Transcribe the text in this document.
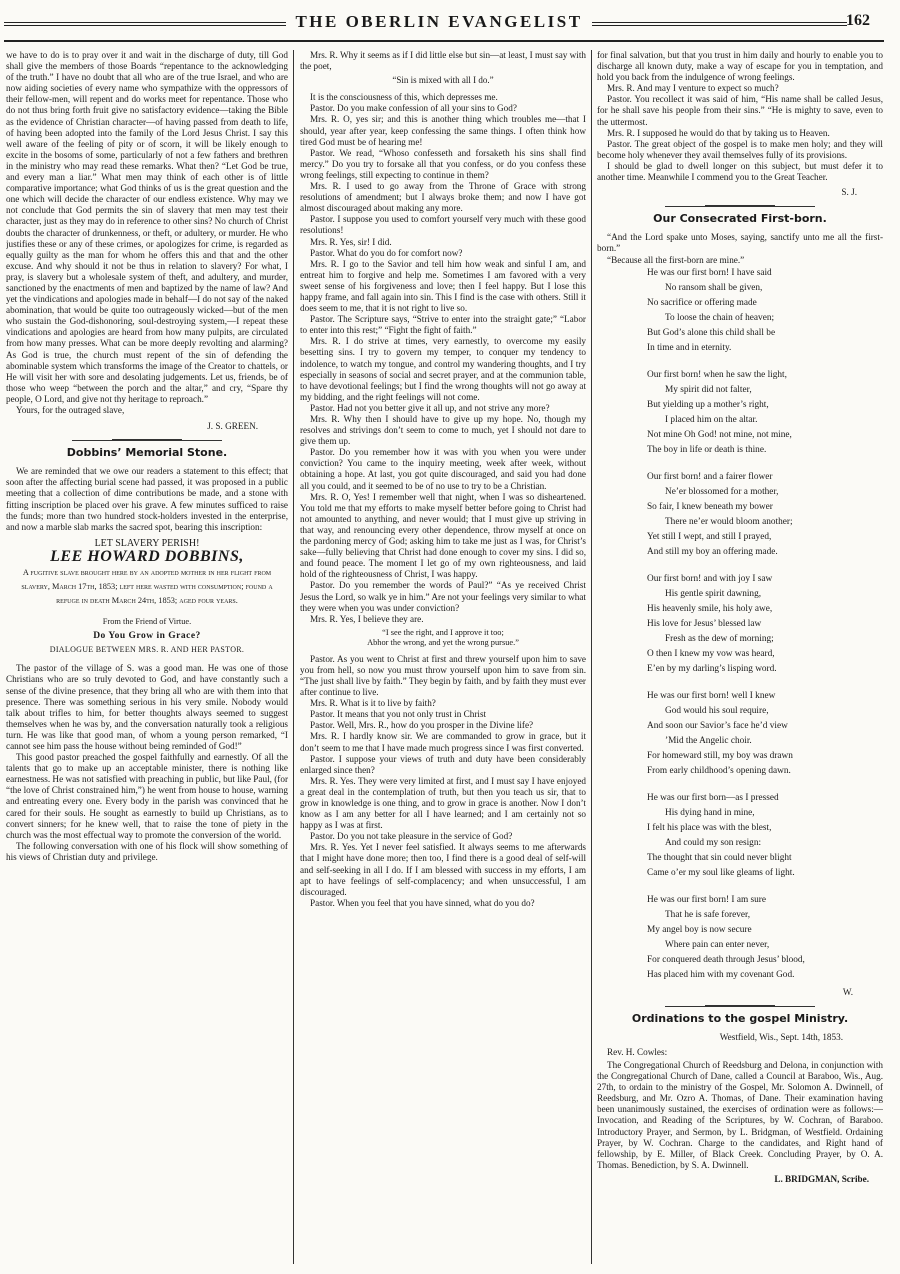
THE OBERLIN EVANGELIST	162

we have to do is to pray over it and wait in the discharge of duty, till God shall give the members of those Boards “repentance to the acknowledging of the truth.” I have no doubt that all who are of the true Israel, and who are now aiding societies of every name who sympathize with the oppressors of their fellow-men, will repent and do works meet for repentance. Those who do not thus bring forth fruit give no satisfactory evidence—taking the Bible as the evidence of Christian character—of having passed from death to life, of having been adopted into the family of the Lord Jesus Christ. I say this well aware of the feeling of pity or of scorn, it will be likely enough to excite in the bosoms of some, particularly of not a few fathers and brethren in the ministry who may read these remarks. What then? “Let God be true, and every man a liar.” What men may think of each other is of little comparative importance; what God thinks of us is the great question and the one which will decide the character of our endless existence. Why may we not conclude that God permits the sin of slavery that men may test their character, just as they may do in reference to other sins? No church of Christ doubts the character of drunkenness, or theft, or adultery, or murder. He who justifies these or any of these crimes, or apologizes for crime, is regarded as equally guilty as the man for whom he offers this and that and the other excuse. And why should it not be thus in relation to slavery? For what, I pray, is slavery but a wholesale system of theft, and adultery, and murder, sanctioned by the enactments of men and baptized by the name of law? And yet the vindications and apologies made in behalf—I do not say of the naked abomination, that would be quite too outrageously wicked—but of the men who sustain the God-dishonoring, soul-destroying system,—I repeat these vindications and apologies are heard from how many pulpits, are circulated from how many presses. What can be more deeply revolting and alarming? As God is true, the church must repent of the sin of defending the abominable system which transforms the image of the Creator to chattels, or He will visit her with sore and desolating judgements. Let us, friends, be of those who weep “between the porch and the altar,” and cry, “Spare thy people, O Lord, and give not thy heritage to reproach.”

Yours, for the outraged slave,

J. S. GREEN.
Dobbins’ Memorial Stone.

We are reminded that we owe our readers a statement to this effect; that soon after the affecting burial scene had passed, it was proposed in a public meeting that a collection of dime contributions be made, and a stone with fitting inscription be placed over his grave. A few minutes sufficed to raise the funds; more than two hundred stock-holders invested in the enterprise, and now a marble slab marks the sacred spot, bearing this inscription:

LET SLAVERY PERISH!
LEE HOWARD DOBBINS,
A fugitive slave brought here by an adopted mother in her flight from slavery, March 17th, 1853; left here wasted with consumption; found a refuge in death March 24th, 1853; aged four years.
From the Friend of Virtue.
Do You Grow in Grace?
DIALOGUE BETWEEN MRS. R. AND HER PASTOR.

The pastor of the village of S. was a good man. He was one of those Christians who are so truly devoted to God, and have constantly such a sense of the divine presence, that they bring all who are with them into that presence. There was something serious in his very smile. Nobody would talk about trifles to him, for better thoughts always seemed to suggest themselves when he was by, and the conversation naturally took a religious turn. He was like that good man, of whom a young person remarked, “I cannot see him pass the house without being reminded of God!”

This good pastor preached the gospel faithfully and earnestly. Of all the talents that go to make up an acceptable minister, there is nothing like earnestness. He was not satisfied with preaching in public, but like Paul, (for “the love of Christ constrained him,”) he went from house to house, warning and entreating every one. Every body in the parish was convinced that he cared for their souls. He sought as earnestly to build up Christians, as to convert sinners; for he knew well, that to raise the tone of piety in the church was the most effectual way to promote the conversion of the world.

The following conversation with one of his flock will show something of his views of Christian duty and privilege.

Mrs. R. Why it seems as if I did little else but sin—at least, I must say with the poet,

“Sin is mixed with all I do.”

It is the consciousness of this, which depresses me.

Pastor. Do you make confession of all your sins to God?

Mrs. R. O, yes sir; and this is another thing which troubles me—that I should, year after year, keep confessing the same things. I often think how tired God must be of hearing me!

Pastor. We read, “Whoso confesseth and forsaketh his sins shall find mercy.” Do you try to forsake all that you confess, or do you confess these wrong feelings, still expecting to continue in them?

Mrs. R. I used to go away from the Throne of Grace with strong resolutions of amendment; but I always broke them; and now I have got almost discouraged about making any more.

Pastor. I suppose you used to comfort yourself very much with these good resolutions!

Mrs. R. Yes, sir! I did.

Pastor. What do you do for comfort now?

Mrs. R. I go to the Savior and tell him how weak and sinful I am, and entreat him to forgive and help me. Sometimes I am favored with a very sweet sense of his forgiveness and love; then I feel happy. But I lose this happy frame, and fall again into sin. This I find is the case with others. Still it does seem to me, that it is not right to live so.

Pastor. The Scripture says, “Strive to enter into the straight gate;” “Labor to enter into this rest;” “Fight the fight of faith.”

Mrs. R. I do strive at times, very earnestly, to overcome my easily besetting sins. I try to govern my temper, to conquer my tendency to indolence, to watch my tongue, and control my wandering thoughts, and I try especially in seasons of social and secret prayer, and at the communion table, to have devotional feelings; but I find the wrong thoughts will not go away at my bidding, and the right feelings will not come.

Pastor. Had not you better give it all up, and not strive any more?

Mrs. R. Why then I should have to give up my hope. No, though my resolves and strivings don’t seem to come to much, yet I should not dare to give them up.

Pastor. Do you remember how it was with you when you were under conviction? You came to the inquiry meeting, week after week, without obtaining a hope. At last, you got quite discouraged, and said you had done all you could, and it seemed to be of no use to try to be a Christian.

Mrs. R. O, Yes! I remember well that night, when I was so disheartened. You told me that my efforts to make myself better before going to Christ had not amounted to anything, and never would; that I must give up striving in that way, and renouncing every other dependence, throw myself at once on the pardoning mercy of God; asking him to take me just as I was, for Christ’s sake—fully believing that Christ had done enough to cover my sins. I did so, and found peace. The moment I let go of my own righteousness, and laid hold of the righteousness of Christ, I was happy.

Pastor. Do you remember the words of Paul?” “As ye received Christ Jesus the Lord, so walk ye in him.” Are not your feelings very similar to what they were when you was under conviction?

Mrs. R. Yes, I believe they are.

“I see the right, and I approve it too;
Abhor the wrong, and yet the wrong pursue.”

Pastor. As you went to Christ at first and threw yourself upon him to save you from hell, so now you must throw yourself upon him to save from sin. “The just shall live by faith.” They begin by faith, and by faith they must ever after continue to live.

Mrs. R. What is it to live by faith?

Pastor. It means that you not only trust in Christ

Pastor. Well, Mrs. R., how do you prosper in the Divine life?

Mrs. R. I hardly know sir. We are commanded to grow in grace, but it don’t seem to me that I have made much progress since I was first converted.

Pastor. I suppose your views of truth and duty have been considerably enlarged since then?

Mrs. R. Yes. They were very limited at first, and I must say I have enjoyed a great deal in the contemplation of truth, but then you teach us sir, that to grow in knowledge is one thing, and to grow in grace is another. Now I don’t know as I am any better for all I have learned; and I am certainly not so happy as I was at first.

Pastor. Do you not take pleasure in the service of God?

Mrs. R. Yes. Yet I never feel satisfied. It always seems to me afterwards that I might have done more; then too, I find there is a good deal of self-will and self-seeking in all I do. If I am blessed with success in my efforts, I am apt to have feelings of self-complacency; and when unsuccessful, I am discouraged.

Pastor. When you feel that you have sinned, what do you do?

for final salvation, but that you trust in him daily and hourly to enable you to discharge all known duty, make a way of escape for you in temptation, and hold you back from the indulgence of wrong feelings.

Mrs. R. And may I venture to expect so much?

Pastor. You recollect it was said of him, “His name shall be called Jesus, for he shall save his people from their sins.” “He is mighty to save, even to the uttermost.

Mrs. R. I supposed he would do that by taking us to Heaven.

Pastor. The great object of the gospel is to make men holy; and they will become holy whenever they avail themselves fully of its provisions.

I should be glad to dwell longer on this subject, but must defer it to another time. Meanwhile I commend you to the Great Teacher.

S. J.
Our Consecrated First-born.

“And the Lord spake unto Moses, saying, sanctify unto me all the first-born.”

“Because all the first-born are mine.”

He was our first born! I have said
No ransom shall be given,
No sacrifice or offering made
To loose the chain of heaven;
But God’s alone this child shall be
In time and in eternity.
Our first born! when he saw the light,
My spirit did not falter,
But yielding up a mother’s right,
I placed him on the altar.
Not mine Oh God! not mine, not mine,
The boy in life or death is thine.
Our first born! and a fairer flower
Ne’er blossomed for a mother,
So fair, I knew beneath my bower
There ne’er would bloom another;
Yet still I wept, and still I prayed,
And still my boy an offering made.
Our first born! and with joy I saw
His gentle spirit dawning,
His heavenly smile, his holy awe,
His love for Jesus’ blessed law
Fresh as the dew of morning;
O then I knew my vow was heard,
E’en by my darling’s lisping word.
He was our first born! well I knew
God would his soul require,
And soon our Savior’s face he’d view
’Mid the Angelic choir.
For homeward still, my boy was drawn
From early childhood’s opening dawn.
He was our first born—as I pressed
His dying hand in mine,
I felt his place was with the blest,
And could my son resign:
The thought that sin could never blight
Came o’er my soul like gleams of light.
He was our first born! I am sure
That he is safe forever,
My angel boy is now secure
Where pain can enter never,
For conquered death through Jesus’ blood,
Has placed him with my covenant God.
W.
Ordinations to the gospel Ministry.
Westfield, Wis., Sept. 14th, 1853.
Rev. H. Cowles:

The Congregational Church of Reedsburg and Delona, in conjunction with the Congregational Church of Dane, called a Council at Baraboo, Wis., Aug. 27th, to ordain to the ministry of the Gospel, Mr. Solomon A. Dwinnell, of Reedsburg, and Mr. Ozro A. Thomas, of Dane. Their examination having been unanimously sustained, the exercises of ordination were as follows:—Invocation, and Reading of the Scriptures, by W. Cochran, of Baraboo. Introductory Prayer, and Sermon, by L. Bridgman, of Westfield. Ordaining Prayer, by W. Cochran. Charge to the candidates, and Right hand of fellowship, by E. Miller, of Black Creek. Concluding Prayer, by O. A. Thomas. Benediction, by S. A. Dwinnell.

L. BRIDGMAN, Scribe.
